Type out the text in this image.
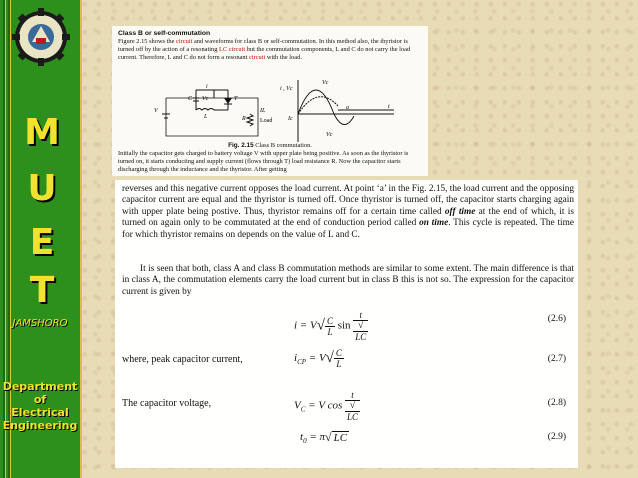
M
U
E
T
JAMSHORO
Department
of
Electrical
Engineering
Class B or self-commutation
Figure 2.15 shows the circuit and waveforms for class B or self-commutation. In this method also, the thyristor is turned off by the action of a resonating LC circuit but the commutation components, L and C do not carry the load current. Therefore, L and C do not form a resonant circuit with the load.
i
C Vc	T
V
L	R
IL
Load
i , Vc
t
a
Ic
Vc
Vc
Fig. 2.15 Class B commutation.
Initially the capacitor gets charged to battery voltage V with upper plate being positive. As soon as the thyristor is turned on, it starts conducting and supply current (flows through T) load resistance R. Now the capacitor starts discharging through the inductance and the thyristor. After getting
reverses and this negative current opposes the load current. At point ‘a’ in the Fig. 2.15, the load current and the opposing capacitor current are equal and the thyristor is turned off. Once thyristor is turned off, the capacitor starts charging again with upper plate being postive. Thus, thyristor remains off for a certain time called off time at the end of which, it is turned on again only to be commutated at the end of conduction period called on time. This cycle is repeated. The time for which thyristor remains on depends on the value of L and C.
It is seen that both, class A and class B commutation methods are similar to some extent. The main difference is that in class A, the commutation elements carry the load current but in class B this is not so. The expression for the capacitor current is given by
$i = V√ \frac{C}{L}$ sin t
√
LC	(2.6)
where, peak capacitor current,	$i_{CP} = V√ \frac{C}{L}$	(2.7)
The capacitor voltage,	$V_C = V$ cos t
√
LC	(2.8)
$t_0 = \pi√$ LC	(2.9)
